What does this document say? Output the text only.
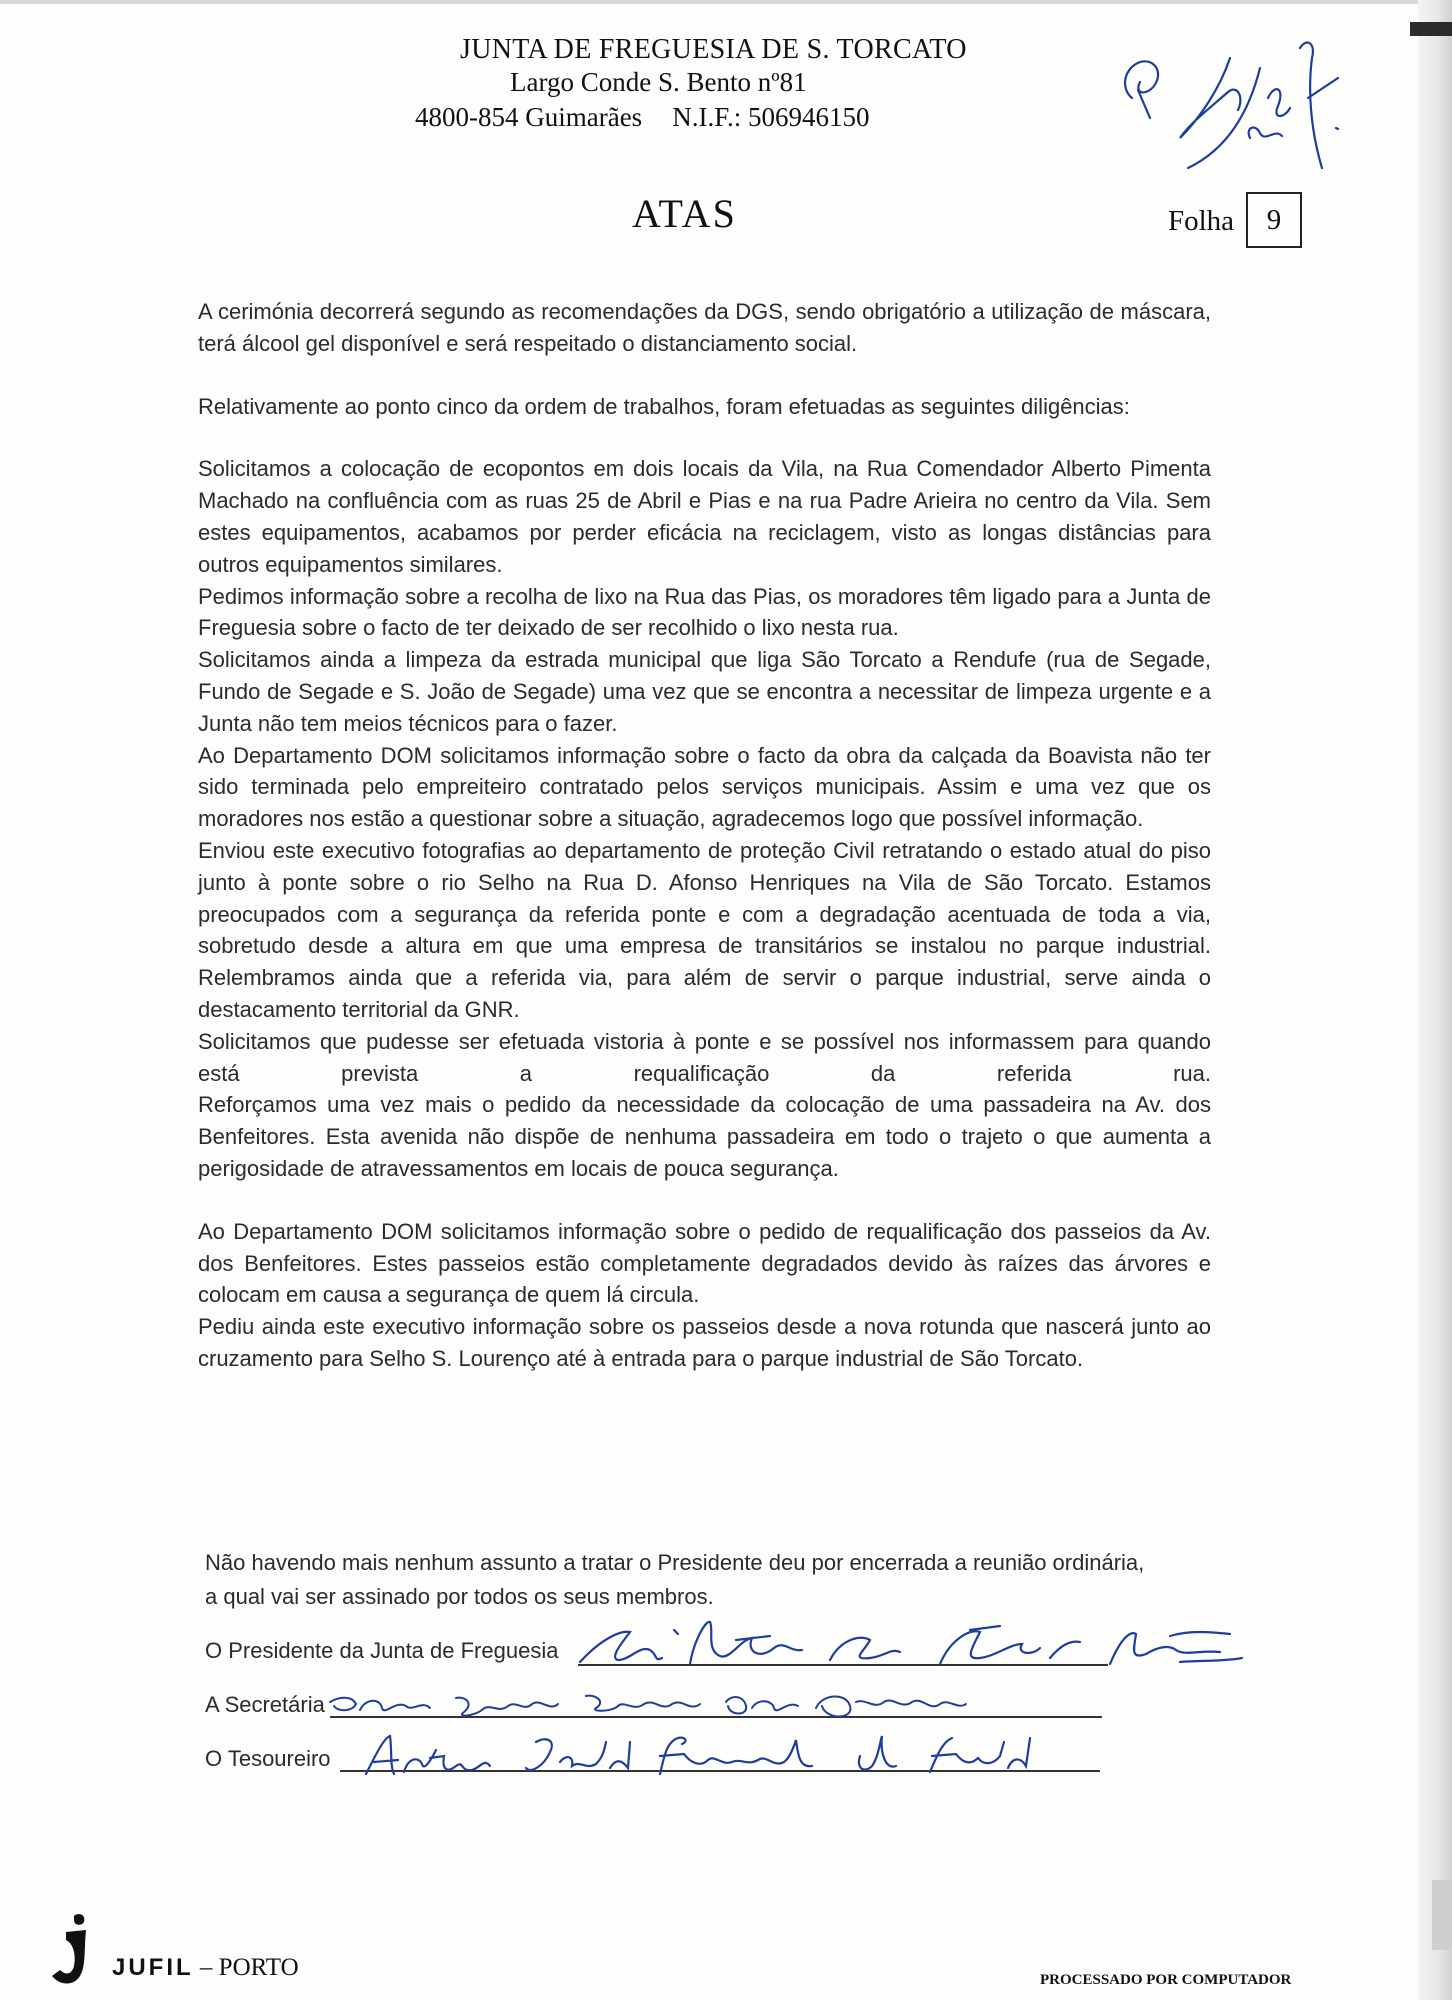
JUNTA DE FREGUESIA DE S. TORCATO
Largo Conde S. Bento nº81
4800-854 Guimarães N.I.F.: 506946150
ATAS	Folha	9

A cerimónia decorrerá segundo as recomendações da DGS, sendo obrigatório a utilização de máscara, terá álcool gel disponível e será respeitado o distanciamento social.

Relativamente ao ponto cinco da ordem de trabalhos, foram efetuadas as seguintes diligências:

Solicitamos a colocação de ecopontos em dois locais da Vila, na Rua Comendador Alberto Pimenta Machado na confluência com as ruas 25 de Abril e Pias e na rua Padre Arieira no centro da Vila. Sem estes equipamentos, acabamos por perder eficácia na reciclagem, visto as longas distâncias para outros equipamentos similares.

Pedimos informação sobre a recolha de lixo na Rua das Pias, os moradores têm ligado para a Junta de Freguesia sobre o facto de ter deixado de ser recolhido o lixo nesta rua.

Solicitamos ainda a limpeza da estrada municipal que liga São Torcato a Rendufe (rua de Segade, Fundo de Segade e S. João de Segade) uma vez que se encontra a necessitar de limpeza urgente e a Junta não tem meios técnicos para o fazer.

Ao Departamento DOM solicitamos informação sobre o facto da obra da calçada da Boavista não ter sido terminada pelo empreiteiro contratado pelos serviços municipais. Assim e uma vez que os moradores nos estão a questionar sobre a situação, agradecemos logo que possível informação.

Enviou este executivo fotografias ao departamento de proteção Civil retratando o estado atual do piso junto à ponte sobre o rio Selho na Rua D. Afonso Henriques na Vila de São Torcato. Estamos preocupados com a segurança da referida ponte e com a degradação acentuada de toda a via, sobretudo desde a altura em que uma empresa de transitários se instalou no parque industrial. Relembramos ainda que a referida via, para além de servir o parque industrial, serve ainda o destacamento territorial da GNR.

Solicitamos que pudesse ser efetuada vistoria à ponte e se possível nos informassem para quando está prevista a requalificação da referida rua.

Reforçamos uma vez mais o pedido da necessidade da colocação de uma passadeira na Av. dos Benfeitores. Esta avenida não dispõe de nenhuma passadeira em todo o trajeto o que aumenta a perigosidade de atravessamentos em locais de pouca segurança.

Ao Departamento DOM solicitamos informação sobre o pedido de requalificação dos passeios da Av. dos Benfeitores. Estes passeios estão completamente degradados devido às raízes das árvores e colocam em causa a segurança de quem lá circula.

Pediu ainda este executivo informação sobre os passeios desde a nova rotunda que nascerá junto ao cruzamento para Selho S. Lourenço até à entrada para o parque industrial de São Torcato.

Não havendo mais nenhum assunto a tratar o Presidente deu por encerrada a reunião ordinária,

a qual vai ser assinado por todos os seus membros.

O Presidente da Junta de Freguesia
A Secretária
O Tesoureiro
JUFIL – PORTO	PROCESSADO POR COMPUTADOR
